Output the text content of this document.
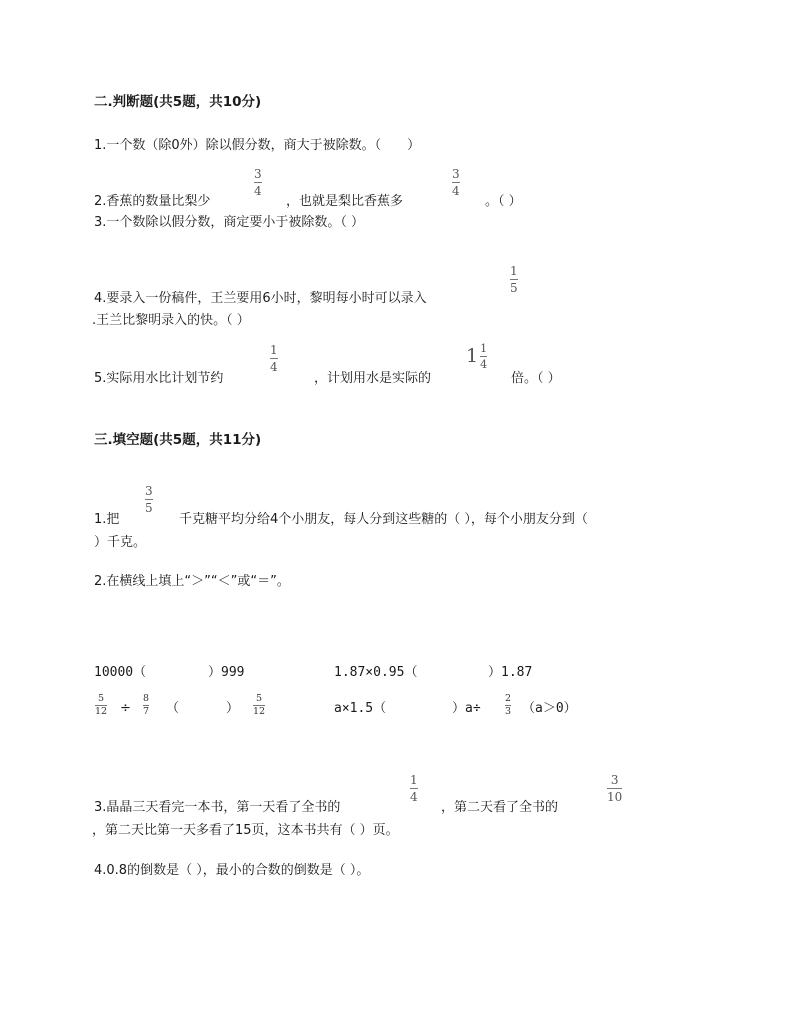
二.判断题(共5题，共10分)
1.一个数（除0外）除以假分数，商大于被除数。（　　）
2.香蕉的数量比梨少
3
4
，也就是梨比香蕉多
3
4
。（ ）
3.一个数除以假分数，商定要小于被除数。（ ）
4.要录入一份稿件，王兰要用6小时，黎明每小时可以录入
1
5
.王兰比黎明录入的快。（ ）
5.实际用水比计划节约
1
4
，计划用水是实际的
$1 \frac{1}{4}$
倍。（ ）
三.填空题(共5题，共11分)
1.把
3
5
千克糖平均分给4个小朋友，每人分到这些糖的（ ），每个小朋友分到（
）千克。
2.在横线上填上“＞”“＜”或“＝”。
10000（	）999	1.87×0.95（	）1.87
5
12 ÷
8
7 （	）
5
12	a×1.5（	）a÷
2
3 （a＞0）
3.晶晶三天看完一本书，第一天看了全书的
1
4
，第二天看了全书的
3
10
，第二天比第一天多看了15页，这本书共有（ ）页。
4.0.8的倒数是（ ），最小的合数的倒数是（ ）。
